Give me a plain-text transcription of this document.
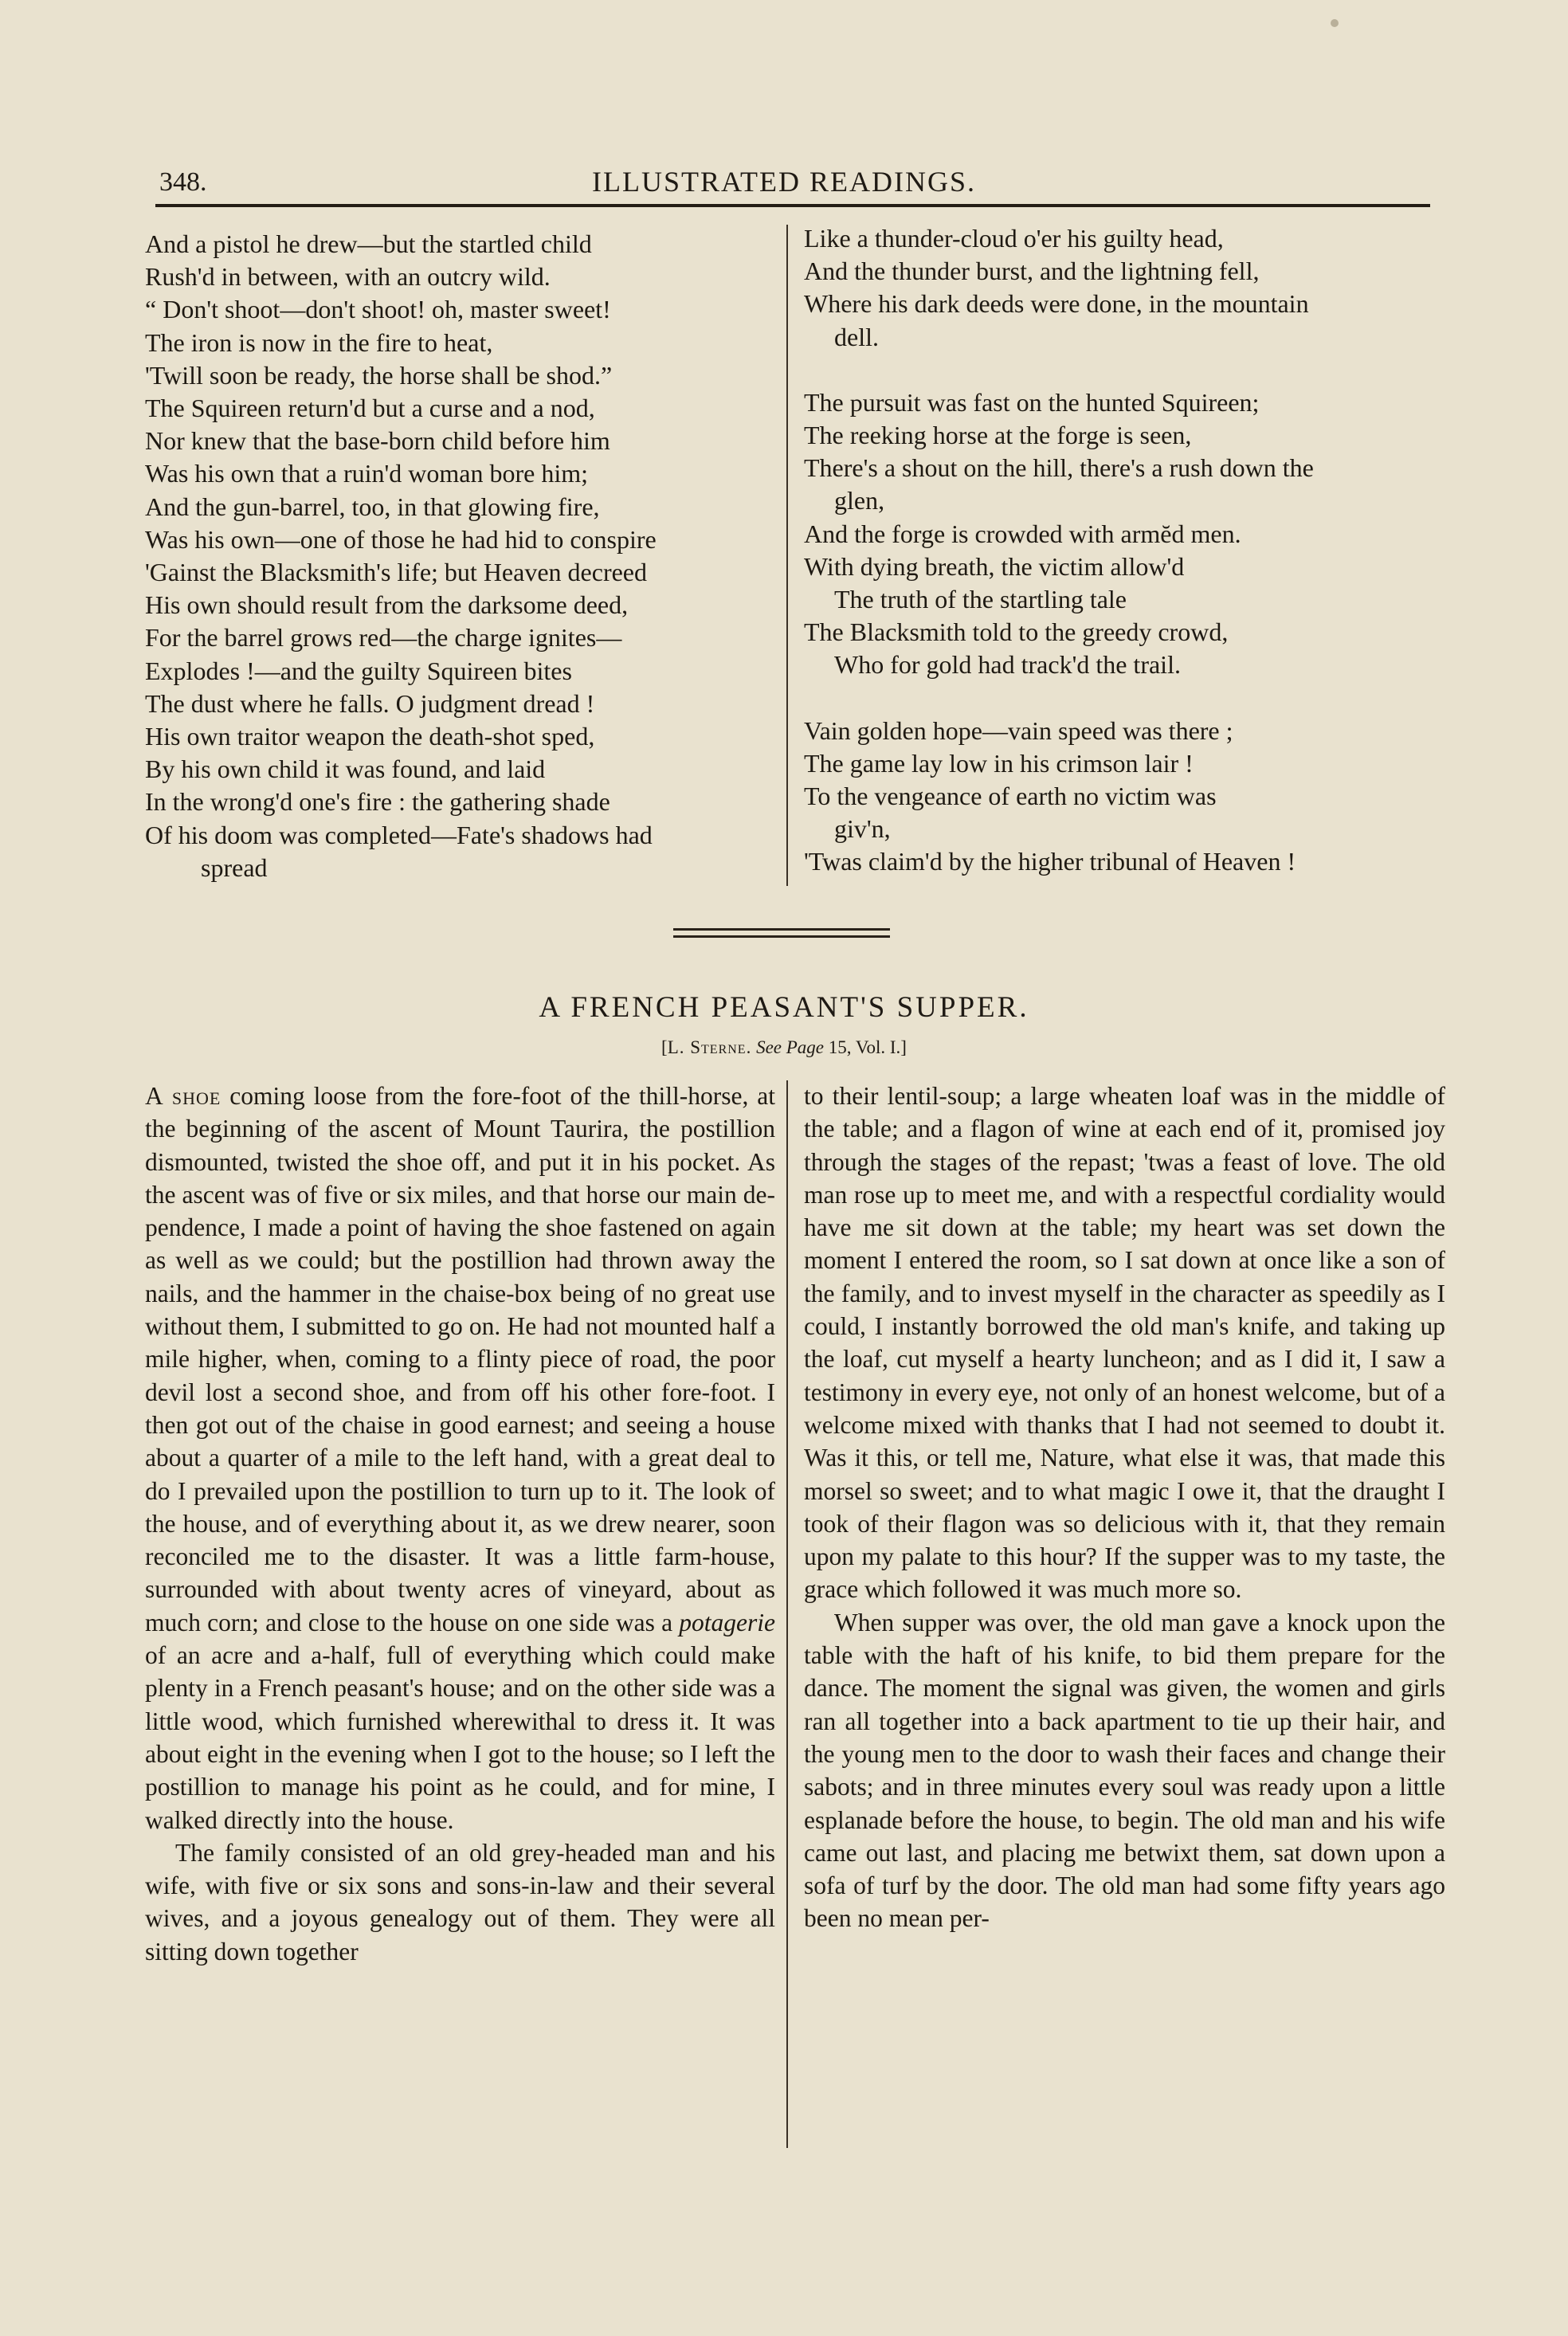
348.	ILLUSTRATED READINGS.
And a pistol he drew—but the startled child
Rush'd in between, with an outcry wild.
“ Don't shoot—don't shoot! oh, master sweet!
The iron is now in the fire to heat,
'Twill soon be ready, the horse shall be shod.”
The Squireen return'd but a curse and a nod,
Nor knew that the base-born child before him
Was his own that a ruin'd woman bore him;
And the gun-barrel, too, in that glowing fire,
Was his own—one of those he had hid to conspire
'Gainst the Blacksmith's life; but Heaven decreed
His own should result from the darksome deed,
For the barrel grows red—the charge ignites—
Explodes !—and the guilty Squireen bites
The dust where he falls. O judgment dread !
His own traitor weapon the death-shot sped,
By his own child it was found, and laid
In the wrong'd one's fire : the gathering shade
Of his doom was completed—Fate's shadows had
spread
Like a thunder-cloud o'er his guilty head,
And the thunder burst, and the lightning fell,
Where his dark deeds were done, in the mountain
dell.
The pursuit was fast on the hunted Squireen;
The reeking horse at the forge is seen,
There's a shout on the hill, there's a rush down the
glen,
And the forge is crowded with armĕd men.
With dying breath, the victim allow'd
The truth of the startling tale
The Blacksmith told to the greedy crowd,
Who for gold had track'd the trail.
Vain golden hope—vain speed was there ;
The game lay low in his crimson lair !
To the vengeance of earth no victim was
giv'n,
'Twas claim'd by the higher tribunal of Heaven !
A FRENCH PEASANT'S SUPPER.
[L. Sterne. See Page 15, Vol. I.]

A shoe coming loose from the fore-foot of the thill-horse, at the beginning of the ascent of Mount Taurira, the postillion dismounted, twisted the shoe off, and put it in his pocket. As the ascent was of five or six miles, and that horse our main dependence, I made a point of having the shoe fastened on again as well as we could; but the postillion had thrown away the nails, and the hammer in the chaise-box being of no great use without them, I submitted to go on. He had not mounted half a mile higher, when, coming to a flinty piece of road, the poor devil lost a second shoe, and from off his other fore-foot. I then got out of the chaise in good earnest; and seeing a house about a quarter of a mile to the left hand, with a great deal to do I prevailed upon the postillion to turn up to it. The look of the house, and of everything about it, as we drew nearer, soon reconciled me to the disaster. It was a little farm-house, surrounded with about twenty acres of vineyard, about as much corn; and close to the house on one side was a potagerie of an acre and a-half, full of everything which could make plenty in a French peasant's house; and on the other side was a little wood, which furnished wherewithal to dress it. It was about eight in the evening when I got to the house; so I left the postillion to manage his point as he could, and for mine, I walked directly into the house.

The family consisted of an old grey-headed man and his wife, with five or six sons and sons-in-law and their several wives, and a joyous genealogy out of them. They were all sitting down together

to their lentil-soup; a large wheaten loaf was in the middle of the table; and a flagon of wine at each end of it, promised joy through the stages of the repast; 'twas a feast of love. The old man rose up to meet me, and with a respectful cordiality would have me sit down at the table; my heart was set down the moment I entered the room, so I sat down at once like a son of the family, and to invest myself in the character as speedily as I could, I instantly borrowed the old man's knife, and taking up the loaf, cut myself a hearty luncheon; and as I did it, I saw a testimony in every eye, not only of an honest welcome, but of a welcome mixed with thanks that I had not seemed to doubt it. Was it this, or tell me, Nature, what else it was, that made this morsel so sweet; and to what magic I owe it, that the draught I took of their flagon was so delicious with it, that they remain upon my palate to this hour? If the supper was to my taste, the grace which followed it was much more so.

When supper was over, the old man gave a knock upon the table with the haft of his knife, to bid them prepare for the dance. The moment the signal was given, the women and girls ran all together into a back apartment to tie up their hair, and the young men to the door to wash their faces and change their sabots; and in three minutes every soul was ready upon a little esplanade before the house, to begin. The old man and his wife came out last, and placing me betwixt them, sat down upon a sofa of turf by the door. The old man had some fifty years ago been no mean per-
